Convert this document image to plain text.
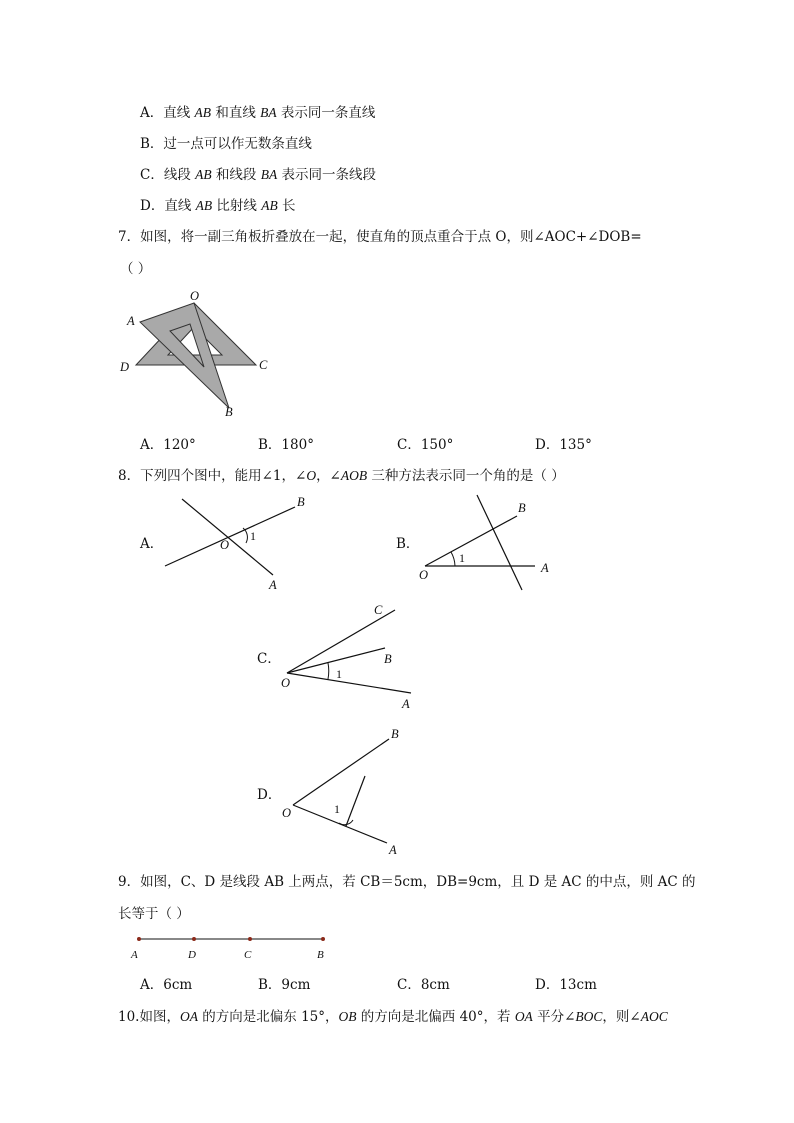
A．直线 AB 和直线 BA 表示同一条直线
B．过一点可以作无数条直线
C．线段 AB 和线段 BA 表示同一条线段
D．直线 AB 比射线 AB 长
7．如图，将一副三角板折叠放在一起，使直角的顶点重合于点 O，则∠AOC+∠DOB=
（ ）
O
A
D	C
B
A．120°	B．180°	C．150°	D．135°
8．下列四个图中，能用∠1，∠O，∠AOB 三种方法表示同一个角的是（ ）
A．	O
1
B
A
B．
O
1
B
A
C．
O
1
C
B
A
D．
O	1
B
A
9．如图，C、D 是线段 AB 上两点，若 CB＝5cm，DB=9cm，且 D 是 AC 的中点，则 AC 的
长等于（ ）
A	D	C	B
A．6cm	B．9cm	C．8cm	D．13cm
10.如图，OA 的方向是北偏东 15°，OB 的方向是北偏西 40°，若 OA 平分∠BOC，则∠AOC
